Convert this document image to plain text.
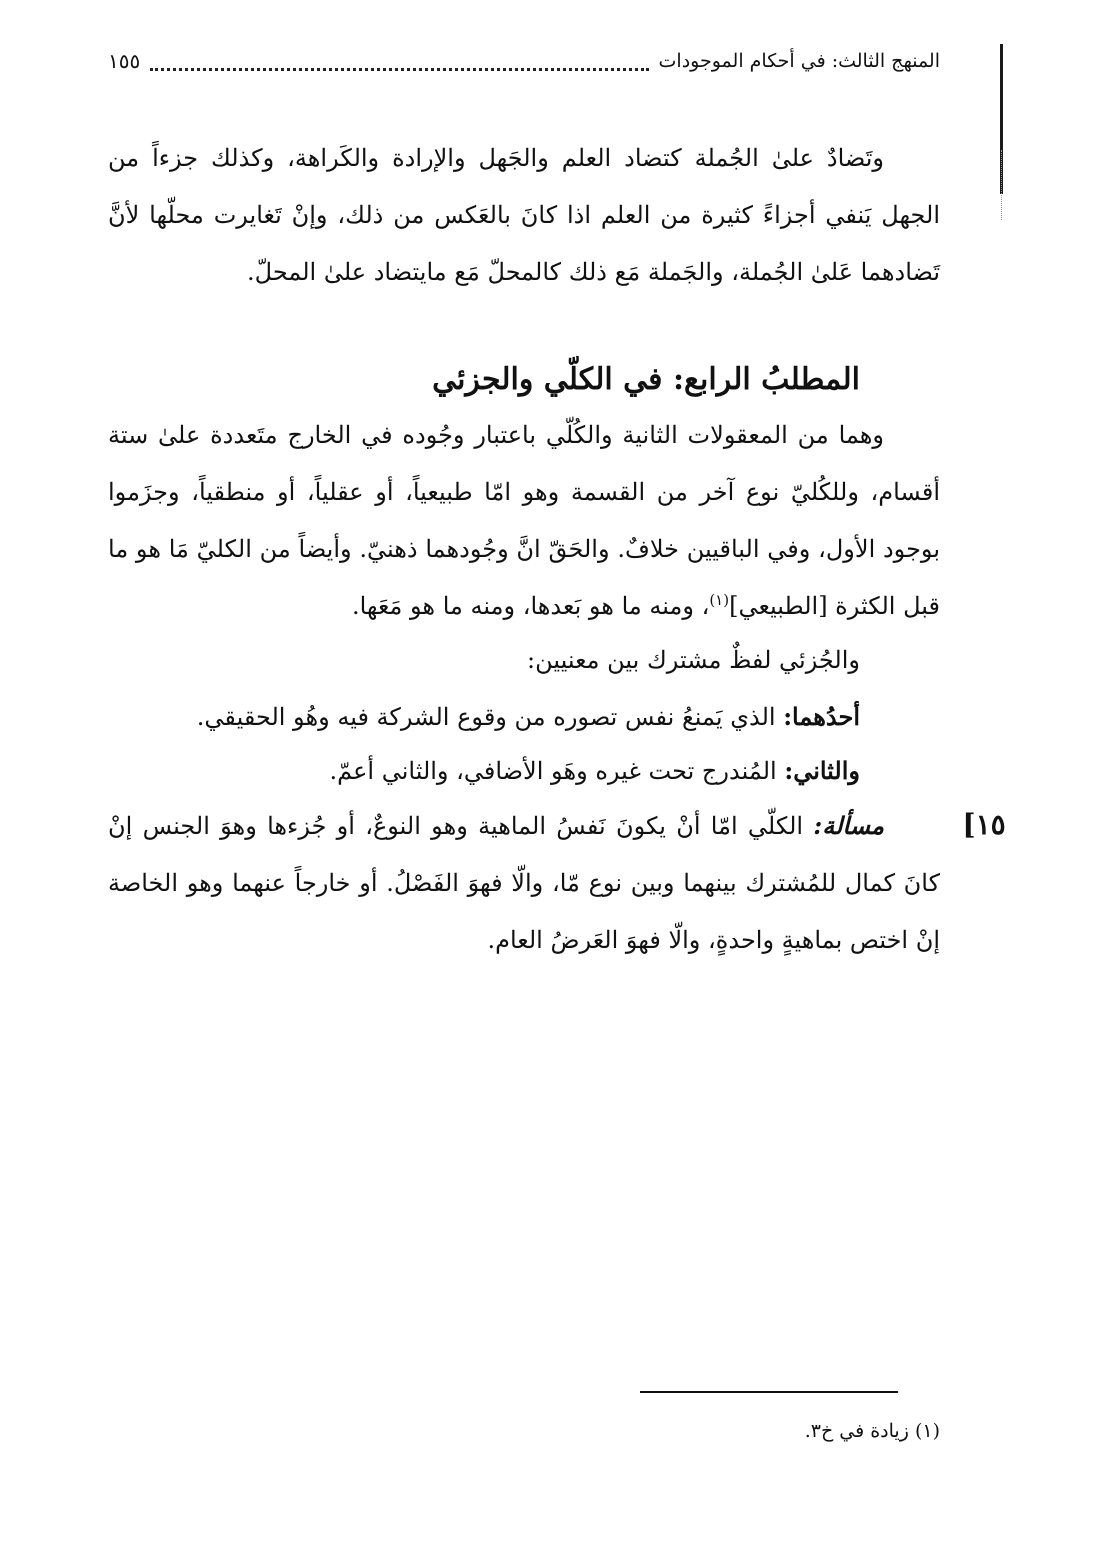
المنهج الثالث: في أحكام الموجودات
١٥٥

وتَضادٌ علىٰ الجُملة كتضاد العلم والجَهل والإرادة والكَراهة، وكذلك جزءاً من الجهل يَنفي أجزاءً كثيرة من العلم اذا كانَ بالعَكس من ذلك، وإنْ تَغايرت محلّها لأنَّ تَضادهما عَلىٰ الجُملة، والجَملة مَع ذلك كالمحلّ مَع مايتضاد علىٰ المحلّ.

المطلبُ الرابع: في الكلّي والجزئي

وهما من المعقولات الثانية والكُلّي باعتبار وجُوده في الخارج متَعددة علىٰ ستة أقسام، وللكُليّ نوع آخر من القسمة وهو امّا طبيعياً، أو عقلياً، أو منطقياً، وجزَموا بوجود الأول، وفي الباقيين خلافٌ. والحَقّ انَّ وجُودهما ذهنيّ. وأيضاً من الكليّ مَا هو ما قبل الكثرة [الطبيعي]$^{(١)}$، ومنه ما هو بَعدها، ومنه ما هو مَعَها.

والجُزئي لفظٌ مشترك بين معنيين:

أحدُهما: الذي يَمنعُ نفس تصوره من وقوع الشركة فيه وهُو الحقيقي.

والثاني: المُندرج تحت غيره وهَو الأضافي، والثاني أعمّ.

مسألة: الكلّي امّا أنْ يكونَ نَفسُ الماهية وهو النوعٌ، أو جُزءها وهوَ الجنس إنْ كانَ كمال للمُشترك بينهما وبين نوع مّا، والّا فهوَ الفَصْلُ. أو خارجاً عنهما وهو الخاصة إنْ اختص بماهيةٍ واحدةٍ، والّا فهوَ العَرضُ العام.

١٥]

(١) زيادة في خ٣.
